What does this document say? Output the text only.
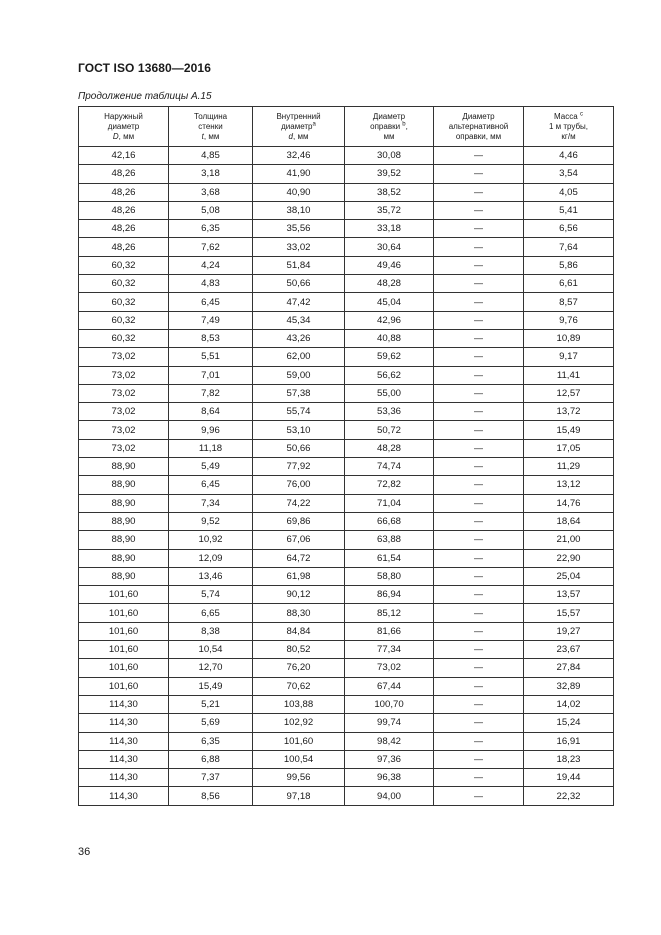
ГОСТ ISO 13680—2016
Продолжение таблицы А.15
Наружный
диаметр
D, мм	Толщина
стенки
t, мм	Внутренний
диаметр$^a$
d, мм	Диаметр
оправки $^b$,
мм	Диаметр
альтернативной
оправки, мм	Масса $^c$
1 м трубы,
кг/м

42,16	4,85	32,46	30,08	—	4,46
48,26	3,18	41,90	39,52	—	3,54
48,26	3,68	40,90	38,52	—	4,05
48,26	5,08	38,10	35,72	—	5,41
48,26	6,35	35,56	33,18	—	6,56
48,26	7,62	33,02	30,64	—	7,64
60,32	4,24	51,84	49,46	—	5,86
60,32	4,83	50,66	48,28	—	6,61
60,32	6,45	47,42	45,04	—	8,57
60,32	7,49	45,34	42,96	—	9,76
60,32	8,53	43,26	40,88	—	10,89
73,02	5,51	62,00	59,62	—	9,17
73,02	7,01	59,00	56,62	—	11,41
73,02	7,82	57,38	55,00	—	12,57
73,02	8,64	55,74	53,36	—	13,72
73,02	9,96	53,10	50,72	—	15,49
73,02	11,18	50,66	48,28	—	17,05
88,90	5,49	77,92	74,74	—	11,29
88,90	6,45	76,00	72,82	—	13,12
88,90	7,34	74,22	71,04	—	14,76
88,90	9,52	69,86	66,68	—	18,64
88,90	10,92	67,06	63,88	—	21,00
88,90	12,09	64,72	61,54	—	22,90
88,90	13,46	61,98	58,80	—	25,04
101,60	5,74	90,12	86,94	—	13,57
101,60	6,65	88,30	85,12	—	15,57
101,60	8,38	84,84	81,66	—	19,27
101,60	10,54	80,52	77,34	—	23,67
101,60	12,70	76,20	73,02	—	27,84
101,60	15,49	70,62	67,44	—	32,89
114,30	5,21	103,88	100,70	—	14,02
114,30	5,69	102,92	99,74	—	15,24
114,30	6,35	101,60	98,42	—	16,91
114,30	6,88	100,54	97,36	—	18,23
114,30	7,37	99,56	96,38	—	19,44
114,30	8,56	97,18	94,00	—	22,32
36
